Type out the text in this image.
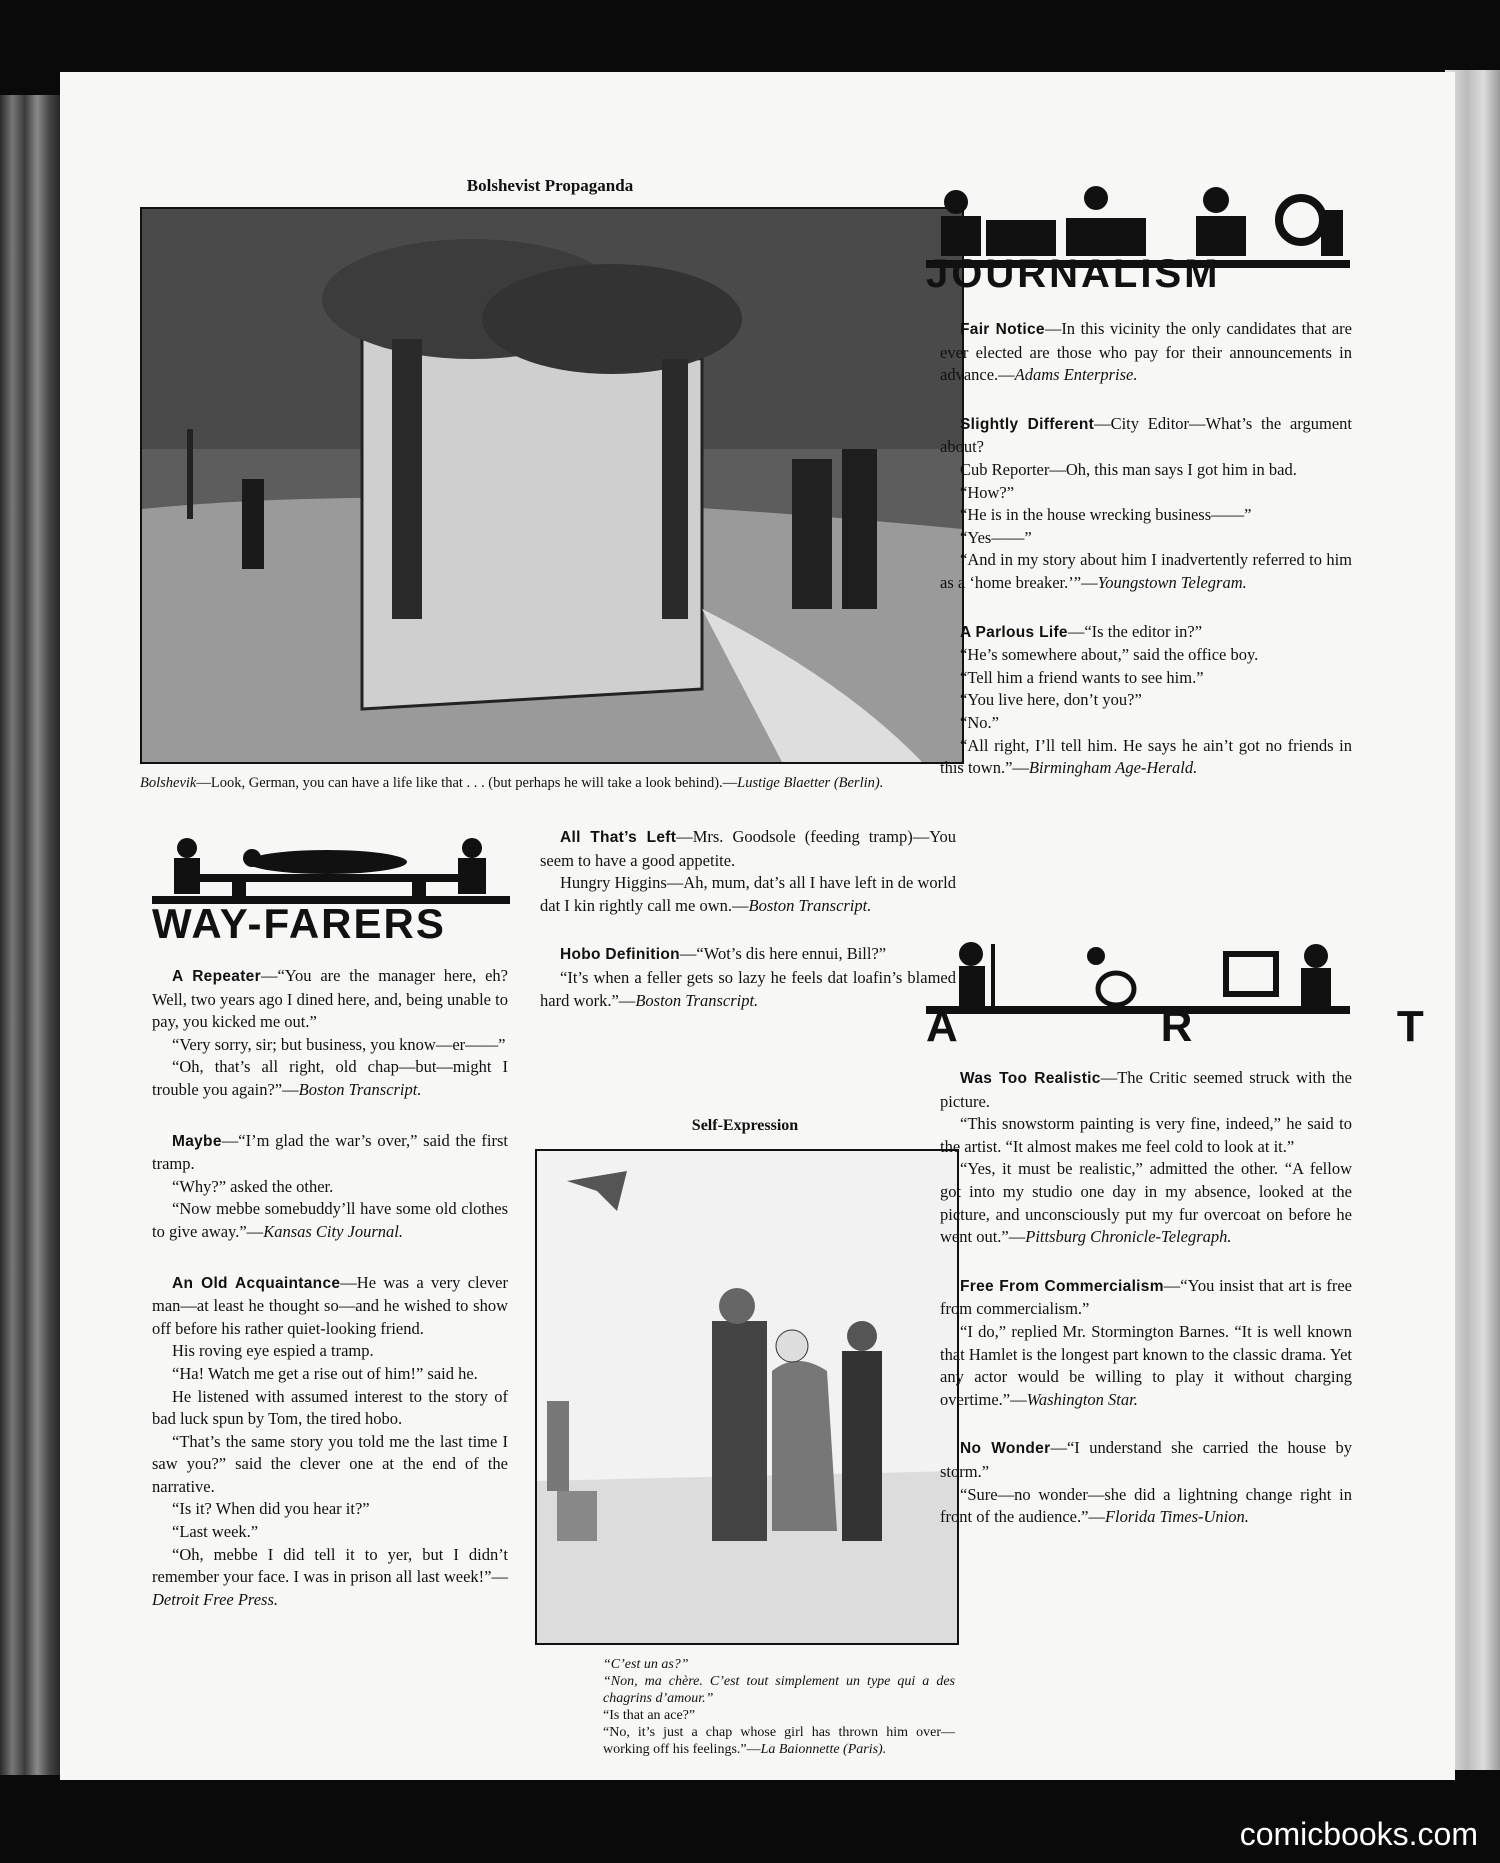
Bolshevist Propaganda
Bolshevik—Look, German, you can have a life like that . . . (but perhaps he will take a look behind).—Lustige Blaetter (Berlin).
WAY-FARERS

A Repeater—“You are the manager here, eh? Well, two years ago I dined here, and, being unable to pay, you kicked me out.”

“Very sorry, sir; but business, you know—er——”

“Oh, that’s all right, old chap—but—might I trouble you again?”—Boston Transcript.

Maybe—“I’m glad the war’s over,” said the first tramp.

“Why?” asked the other.

“Now mebbe somebuddy’ll have some old clothes to give away.”—Kansas City Journal.

An Old Acquaintance—He was a very clever man—at least he thought so—and he wished to show off before his rather quiet-looking friend.

His roving eye espied a tramp.

“Ha! Watch me get a rise out of him!” said he.

He listened with assumed interest to the story of bad luck spun by Tom, the tired hobo.

“That’s the same story you told me the last time I saw you?” said the clever one at the end of the narrative.

“Is it? When did you hear it?”

“Last week.”

“Oh, mebbe I did tell it to yer, but I didn’t remember your face. I was in prison all last week!”—Detroit Free Press.

All That’s Left—Mrs. Goodsole (feeding tramp)—You seem to have a good appetite.

Hungry Higgins—Ah, mum, dat’s all I have left in de world dat I kin rightly call me own.—Boston Transcript.

Hobo Definition—“Wot’s dis here ennui, Bill?”

“It’s when a feller gets so lazy he feels dat loafin’s blamed hard work.”—Boston Transcript.

Self-Expression
“C’est un as?”
“Non, ma chère. C’est tout simplement un type qui a des chagrins d’amour.”
“Is that an ace?”
“No, it’s just a chap whose girl has thrown him over—working off his feelings.”—La Baionnette (Paris).
JOURNALISM

Fair Notice—In this vicinity the only candidates that are ever elected are those who pay for their announcements in advance.—Adams Enterprise.

Slightly Different—City Editor—What’s the argument about?

Cub Reporter—Oh, this man says I got him in bad.

“How?”

“He is in the house wrecking business——”

“Yes——”

“And in my story about him I inadvertently referred to him as a ‘home breaker.’”—Youngstown Telegram.

A Parlous Life—“Is the editor in?”

“He’s somewhere about,” said the office boy.

“Tell him a friend wants to see him.”

“You live here, don’t you?”

“No.”

“All right, I’ll tell him. He says he ain’t got no friends in this town.”—Birmingham Age-Herald.

A  R  T

Was Too Realistic—The Critic seemed struck with the picture.

“This snowstorm painting is very fine, indeed,” he said to the artist. “It almost makes me feel cold to look at it.”

“Yes, it must be realistic,” admitted the other. “A fellow got into my studio one day in my absence, looked at the picture, and unconsciously put my fur overcoat on before he went out.”—Pittsburg Chronicle-Telegraph.

Free From Commercialism—“You insist that art is free from commercialism.”

“I do,” replied Mr. Stormington Barnes. “It is well known that Hamlet is the longest part known to the classic drama. Yet any actor would be willing to play it without charging overtime.”—Washington Star.

No Wonder—“I understand she carried the house by storm.”

“Sure—no wonder—she did a lightning change right in front of the audience.”—Florida Times-Union.

comicbooks.com
